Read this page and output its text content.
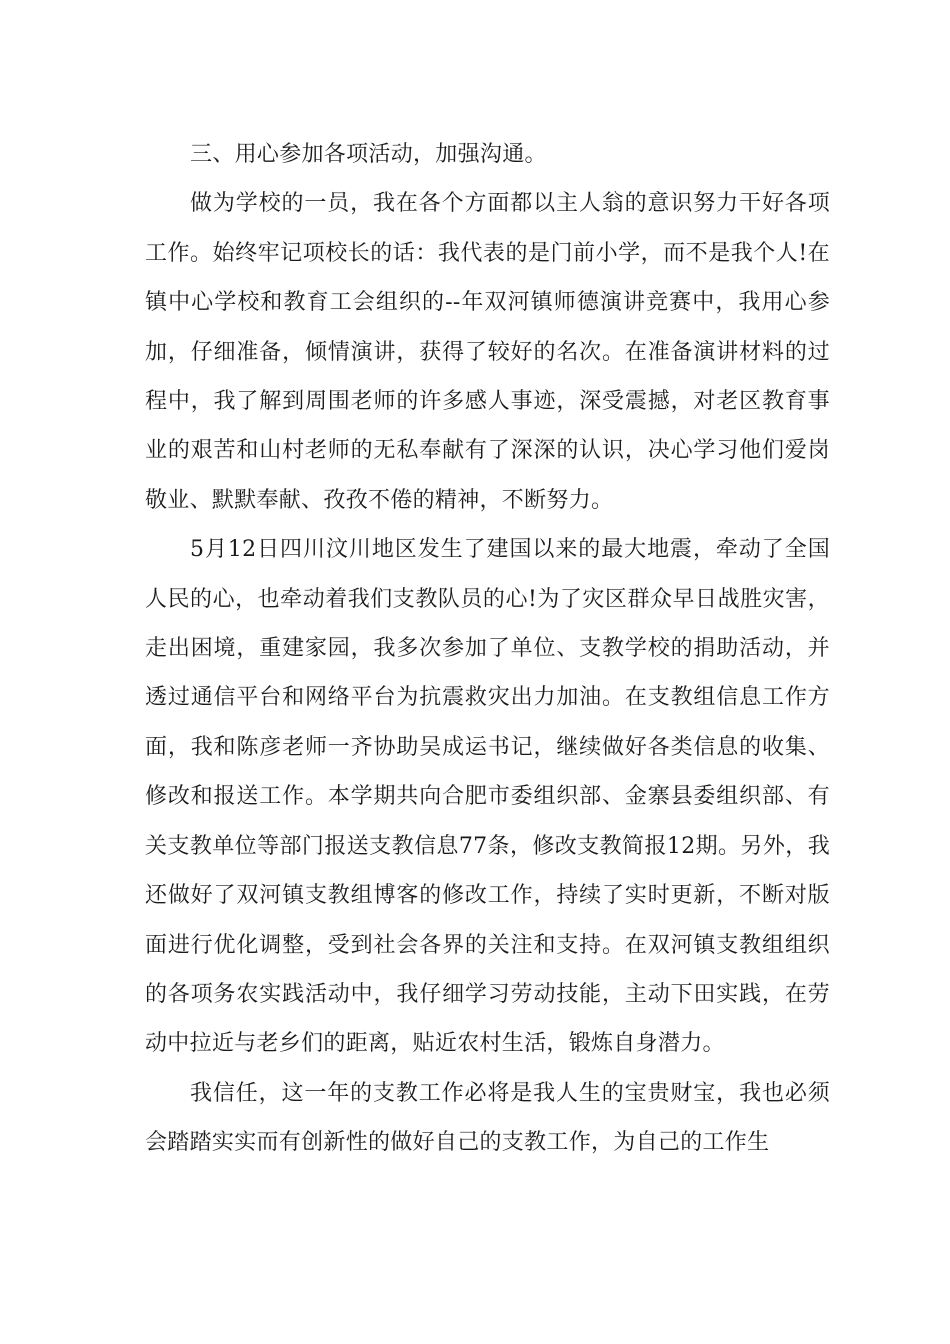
三、用心参加各项活动，加强沟通。

做为学校的一员，我在各个方面都以主人翁的意识努力干好各项工作。始终牢记项校长的话：我代表的是门前小学，而不是我个人!在镇中心学校和教育工会组织的--年双河镇师德演讲竞赛中，我用心参加，仔细准备，倾情演讲，获得了较好的名次。在准备演讲材料的过程中，我了解到周围老师的许多感人事迹，深受震撼，对老区教育事业的艰苦和山村老师的无私奉献有了深深的认识，决心学习他们爱岗敬业、默默奉献、孜孜不倦的精神，不断努力。

5月12日四川汶川地区发生了建国以来的最大地震，牵动了全国人民的心，也牵动着我们支教队员的心!为了灾区群众早日战胜灾害，走出困境，重建家园，我多次参加了单位、支教学校的捐助活动，并透过通信平台和网络平台为抗震救灾出力加油。在支教组信息工作方面，我和陈彦老师一齐协助吴成运书记，继续做好各类信息的收集、修改和报送工作。本学期共向合肥市委组织部、金寨县委组织部、有关支教单位等部门报送支教信息77条，修改支教简报12期。另外，我还做好了双河镇支教组博客的修改工作，持续了实时更新，不断对版面进行优化调整，受到社会各界的关注和支持。在双河镇支教组组织的各项务农实践活动中，我仔细学习劳动技能，主动下田实践，在劳动中拉近与老乡们的距离，贴近农村生活，锻炼自身潜力。

我信任，这一年的支教工作必将是我人生的宝贵财宝，我也必须会踏踏实实而有创新性的做好自己的支教工作，为自己的工作生
